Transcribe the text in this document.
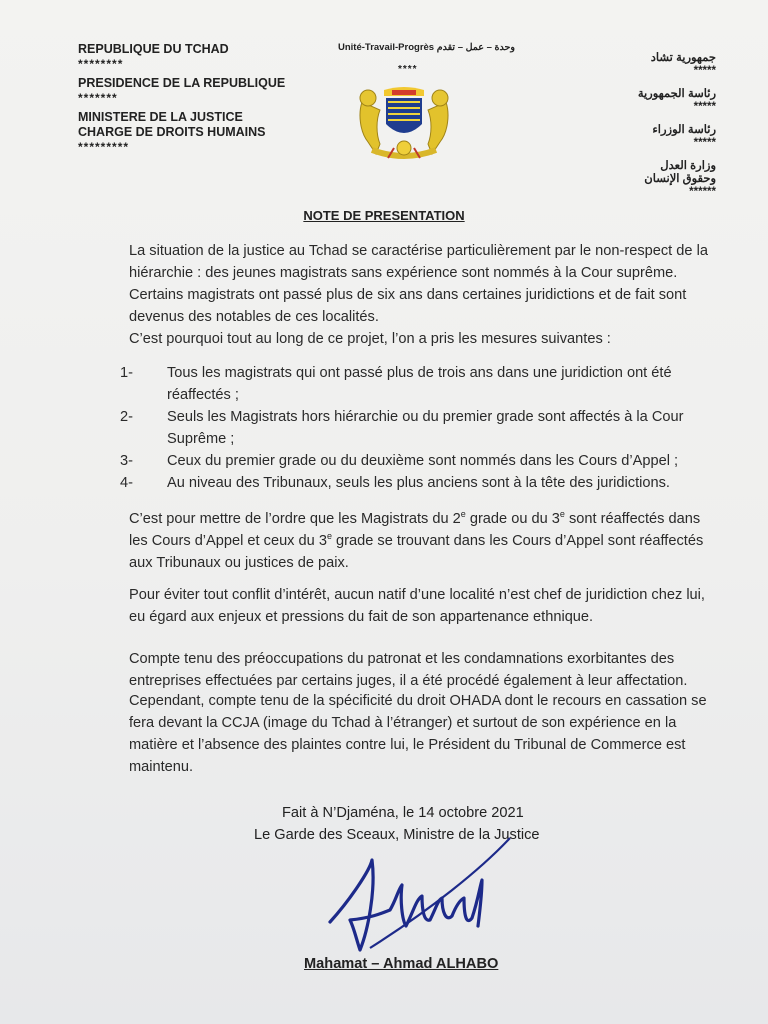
REPUBLIQUE DU TCHAD
********
PRESIDENCE DE LA REPUBLIQUE
*******
MINISTERE DE LA JUSTICE
CHARGE DE DROITS HUMAINS
*********
Unité-Travail-Progrès وحدة – عمل – تقدم
****
جمهورية تشاد
*****
رئاسة الجمهورية
*****
رئاسة الوزراء
*****
وزارة العدل
وحقوق الإنسان
******
NOTE DE PRESENTATION
La situation de la justice au Tchad se caractérise particulièrement par le non-respect de la hiérarchie : des jeunes magistrats sans expérience sont nommés à la Cour suprême. Certains magistrats ont passé plus de six ans dans certaines juridictions et de fait sont devenus des notables de ces localités.
C’est pourquoi tout au long de ce projet, l’on a pris les mesures suivantes :
1- Tous les magistrats qui ont passé plus de trois ans dans une juridiction ont été réaffectés ;
2- Seuls les Magistrats hors hiérarchie ou du premier grade sont affectés à la Cour Suprême ;
3- Ceux du premier grade ou du deuxième sont nommés dans les Cours d’Appel ;
4- Au niveau des Tribunaux, seuls les plus anciens sont à la tête des juridictions.
C’est pour mettre de l’ordre que les Magistrats du 2e grade ou du 3e sont réaffectés dans les Cours d’Appel et ceux du 3e grade se trouvant dans les Cours d’Appel sont réaffectés aux Tribunaux ou justices de paix.
Pour éviter tout conflit d’intérêt, aucun natif d’une localité n’est chef de juridiction chez lui, eu égard aux enjeux et pressions du fait de son appartenance ethnique.
Compte tenu des préoccupations du patronat et les condamnations exorbitantes des entreprises effectuées par certains juges, il a été procédé également à leur affectation.
Cependant, compte tenu de la spécificité du droit OHADA dont le recours en cassation se fera devant la CCJA (image du Tchad à l’étranger) et surtout de son expérience en la matière et l’absence des plaintes contre lui, le Président du Tribunal de Commerce est maintenu.
Fait à N’Djaména, le 14 octobre 2021
Le Garde des Sceaux, Ministre de la Justice
Mahamat – Ahmad ALHABO
